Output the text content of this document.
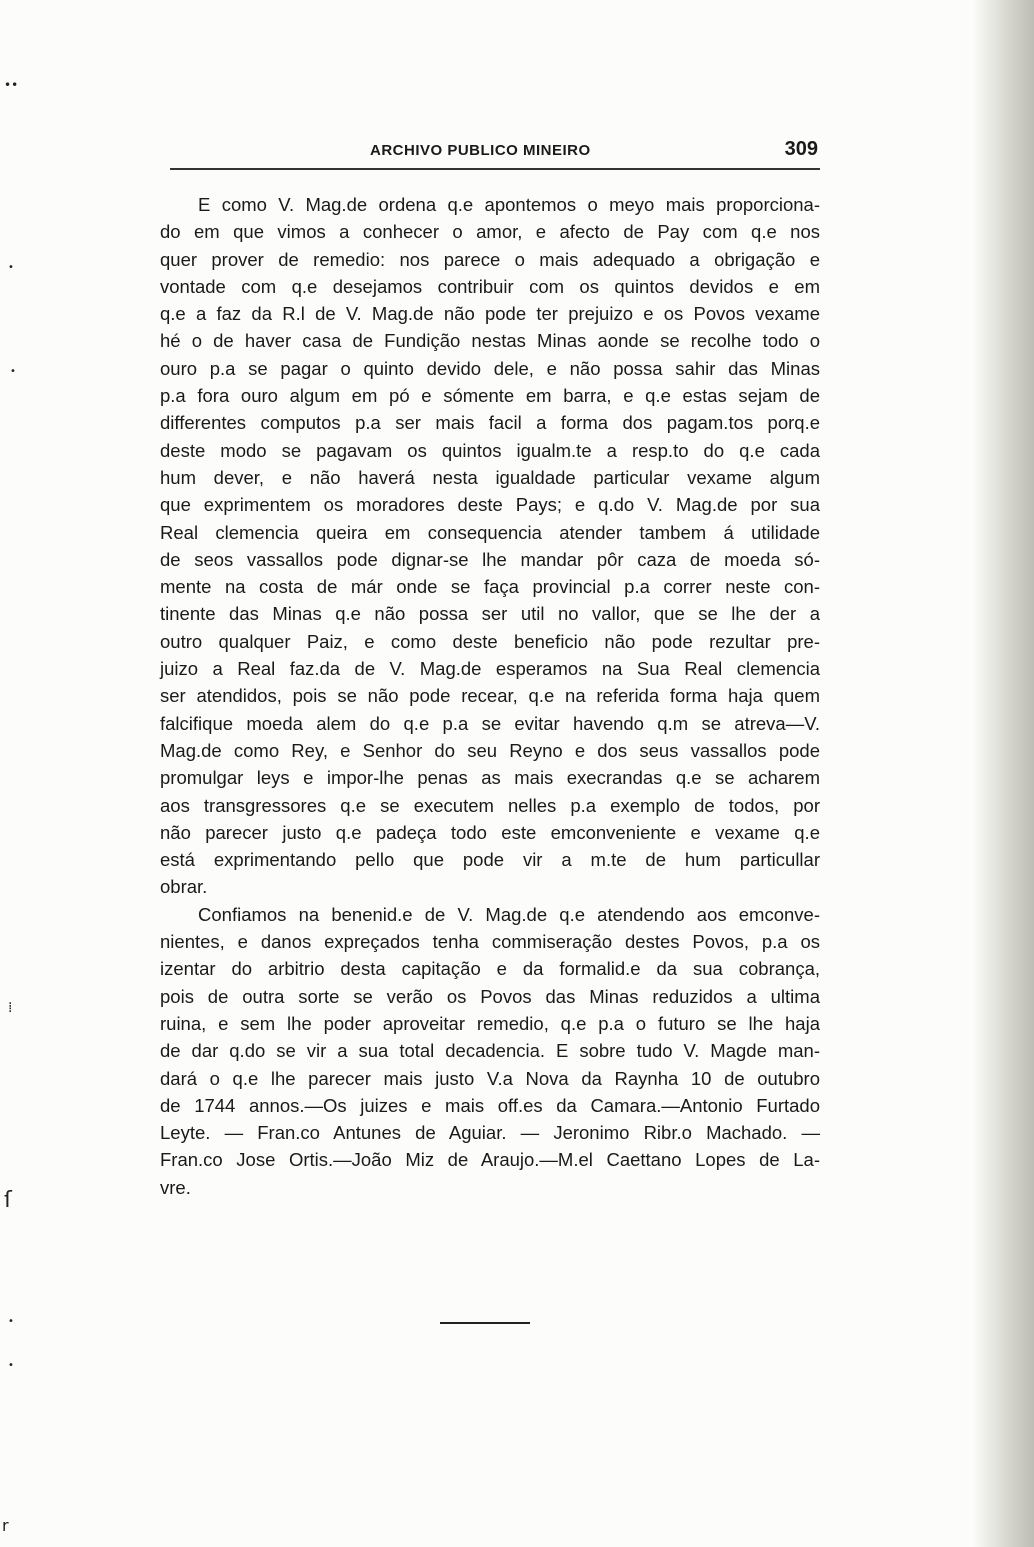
••
•
•
⁞
ſ
•
•
r
ARCHIVO PUBLICO MINEIRO	309
E como V. Mag.de ordena q.e apontemos o meyo mais proporciona-
do em que vimos a conhecer o amor, e afecto de Pay com q.e nos
quer prover de remedio: nos parece o mais adequado a obrigação e
vontade com q.e desejamos contribuir com os quintos devidos e em
q.e a faz da R.l de V. Mag.de não pode ter prejuizo e os Povos vexame
hé o de haver casa de Fundição nestas Minas aonde se recolhe todo o
ouro p.a se pagar o quinto devido dele, e não possa sahir das Minas
p.a fora ouro algum em pó e sómente em barra, e q.e estas sejam de
differentes computos p.a ser mais facil a forma dos pagam.tos porq.e
deste modo se pagavam os quintos igualm.te a resp.to do q.e cada
hum dever, e não haverá nesta igualdade particular vexame algum
que exprimentem os moradores deste Pays; e q.do V. Mag.de por sua
Real clemencia queira em consequencia atender tambem á utilidade
de seos vassallos pode dignar-se lhe mandar pôr caza de moeda só-
mente na costa de már onde se faça provincial p.a correr neste con-
tinente das Minas q.e não possa ser util no vallor, que se lhe der a
outro qualquer Paiz, e como deste beneficio não pode rezultar pre-
juizo a Real faz.da de V. Mag.de esperamos na Sua Real clemencia
ser atendidos, pois se não pode recear, q.e na referida forma haja quem
falcifique moeda alem do q.e p.a se evitar havendo q.m se atreva—V.
Mag.de como Rey, e Senhor do seu Reyno e dos seus vassallos pode
promulgar leys e impor-lhe penas as mais execrandas q.e se acharem
aos transgressores q.e se executem nelles p.a exemplo de todos, por
não parecer justo q.e padeça todo este emconveniente e vexame q.e
está exprimentando pello que pode vir a m.te de hum particullar
obrar.
Confiamos na benenid.e de V. Mag.de q.e atendendo aos emconve-
nientes, e danos expreçados tenha commiseração destes Povos, p.a os
izentar do arbitrio desta capitação e da formalid.e da sua cobrança,
pois de outra sorte se verão os Povos das Minas reduzidos a ultima
ruina, e sem lhe poder aproveitar remedio, q.e p.a o futuro se lhe haja
de dar q.do se vir a sua total decadencia. E sobre tudo V. Magde man-
dará o q.e lhe parecer mais justo V.a Nova da Raynha 10 de outubro
de 1744 annos.—Os juizes e mais off.es da Camara.—Antonio Furtado
Leyte. — Fran.co Antunes de Aguiar. — Jeronimo Ribr.o Machado. —
Fran.co Jose Ortis.—João Miz de Araujo.—M.el Caettano Lopes de La-
vre.
